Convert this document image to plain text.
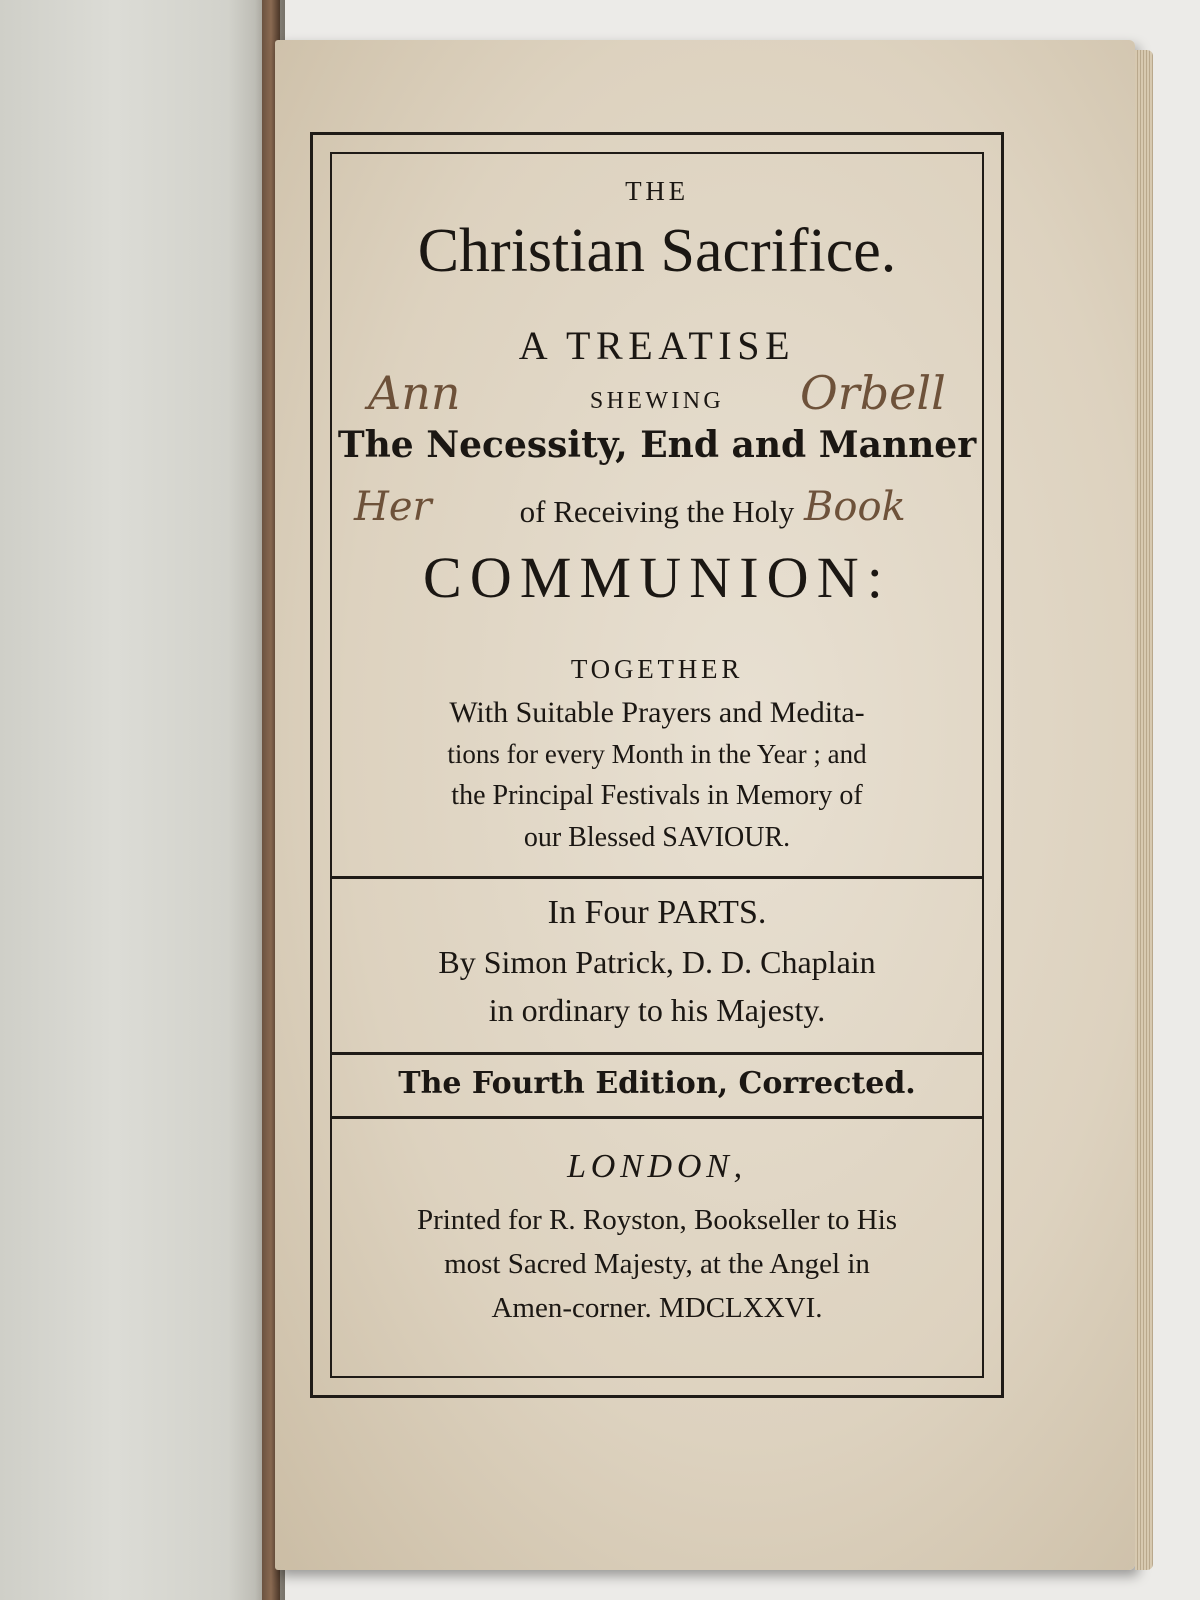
THE
Christian Sacrifice.
A TREATISE
SHEWING
The Necessity, End and Manner
of Receiving the Holy
COMMUNION:
TOGETHER
With Suitable Prayers and Medita-
tions for every Month in the Year ; and
the Principal Festivals in Memory of
our Blessed SAVIOUR.
In Four PARTS.
By Simon Patrick, D. D. Chaplain
in ordinary to his Majesty.
The Fourth Edition, Corrected.
LONDON,
Printed for R. Royston, Bookseller to His
most Sacred Majesty, at the Angel in
Amen-corner. MDCLXXVI.
Ann	Orbell
Her	Book
